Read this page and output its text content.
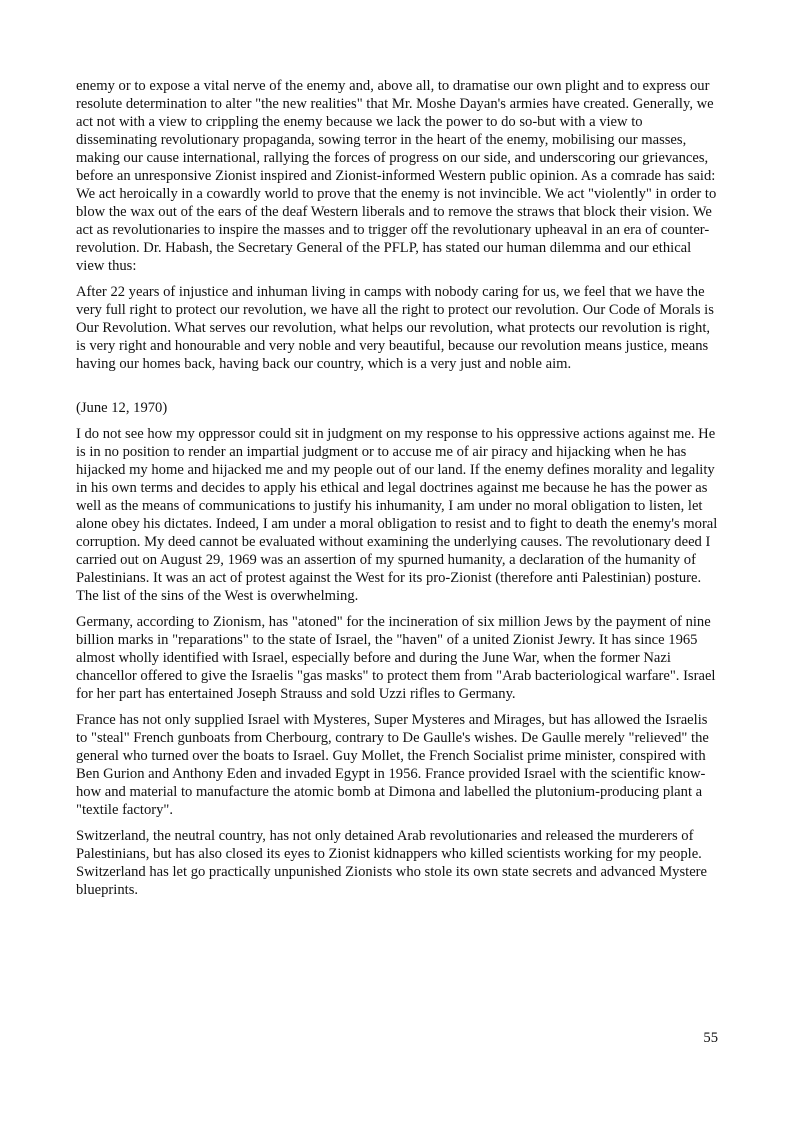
enemy or to expose a vital nerve of the enemy and, above all, to dramatise our own plight and to express our resolute determination to alter "the new realities" that Mr. Moshe Dayan's armies have created. Generally, we act not with a view to crippling the enemy because we lack the power to do so-but with a view to disseminating revolutionary propaganda, sowing terror in the heart of the enemy, mobilising our masses, making our cause international, rallying the forces of progress on our side, and underscoring our grievances, before an unresponsive Zionist inspired and Zionist-informed Western public opinion. As a comrade has said: We act heroically in a cowardly world to prove that the enemy is not invincible. We act "violently" in order to blow the wax out of the ears of the deaf Western liberals and to remove the straws that block their vision. We act as revolutionaries to inspire the masses and to trigger off the revolutionary upheaval in an era of counter-revolution. Dr. Habash, the Secretary General of the PFLP, has stated our human dilemma and our ethical view thus:

After 22 years of injustice and inhuman living in camps with nobody caring for us, we feel that we have the very full right to protect our revolution, we have all the right to protect our revolution. Our Code of Morals is Our Revolution. What serves our revolution, what helps our revolution, what protects our revolution is right, is very right and honourable and very noble and very beautiful, because our revolution means justice, means having our homes back, having back our country, which is a very just and noble aim.

(June 12, 1970)

I do not see how my oppressor could sit in judgment on my response to his oppressive actions against me. He is in no position to render an impartial judgment or to accuse me of air piracy and hijacking when he has hijacked my home and hijacked me and my people out of our land. If the enemy defines morality and legality in his own terms and decides to apply his ethical and legal doctrines against me because he has the power as well as the means of communications to justify his inhumanity, I am under no moral obligation to listen, let alone obey his dictates. Indeed, I am under a moral obligation to resist and to fight to death the enemy's moral corruption. My deed cannot be evaluated without examining the underlying causes. The revolutionary deed I carried out on August 29, 1969 was an assertion of my spurned humanity, a declaration of the humanity of Palestinians. It was an act of protest against the West for its pro-Zionist (therefore anti Palestinian) posture. The list of the sins of the West is overwhelming.

Germany, according to Zionism, has "atoned" for the incineration of six million Jews by the payment of nine billion marks in "reparations" to the state of Israel, the "haven" of a united Zionist Jewry. It has since 1965 almost wholly identified with Israel, especially before and during the June War, when the former Nazi chancellor offered to give the Israelis "gas masks" to protect them from "Arab bacteriological warfare". Israel for her part has entertained Joseph Strauss and sold Uzzi rifles to Germany.

France has not only supplied Israel with Mysteres, Super Mysteres and Mirages, but has allowed the Israelis to "steal" French gunboats from Cherbourg, contrary to De Gaulle's wishes. De Gaulle merely "relieved" the general who turned over the boats to Israel. Guy Mollet, the French Socialist prime minister, conspired with Ben Gurion and Anthony Eden and invaded Egypt in 1956. France provided Israel with the scientific know-how and material to manufacture the atomic bomb at Dimona and labelled the plutonium-producing plant a "textile factory".

Switzerland, the neutral country, has not only detained Arab revolutionaries and released the murderers of Palestinians, but has also closed its eyes to Zionist kidnappers who killed scientists working for my people. Switzerland has let go practically unpunished Zionists who stole its own state secrets and advanced Mystere blueprints.

55
